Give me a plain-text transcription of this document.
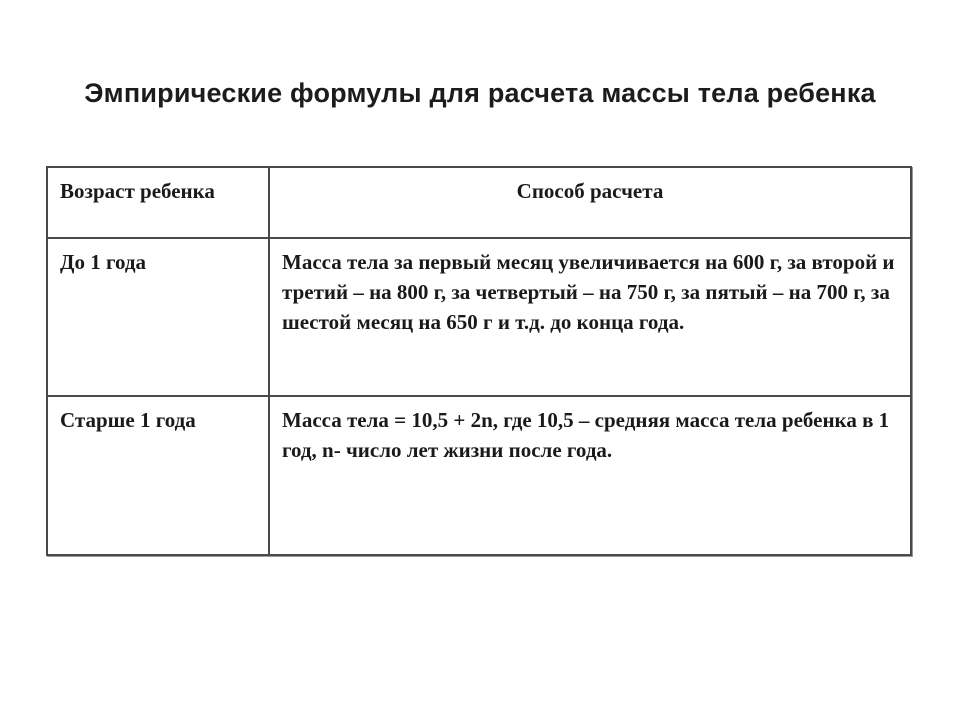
Эмпирические формулы для расчета массы тела ребенка
Возраст ребенка	Способ расчета
До 1 года	Масса тела за первый месяц увеличивается на 600 г, за второй и третий – на 800 г, за четвертый – на 750 г, за пятый – на 700 г, за шестой месяц на 650 г и т.д. до конца года.
Старше 1 года	Масса тела = 10,5 + 2n, где 10,5 – средняя масса тела ребенка в 1 год, n- число лет жизни после года.
